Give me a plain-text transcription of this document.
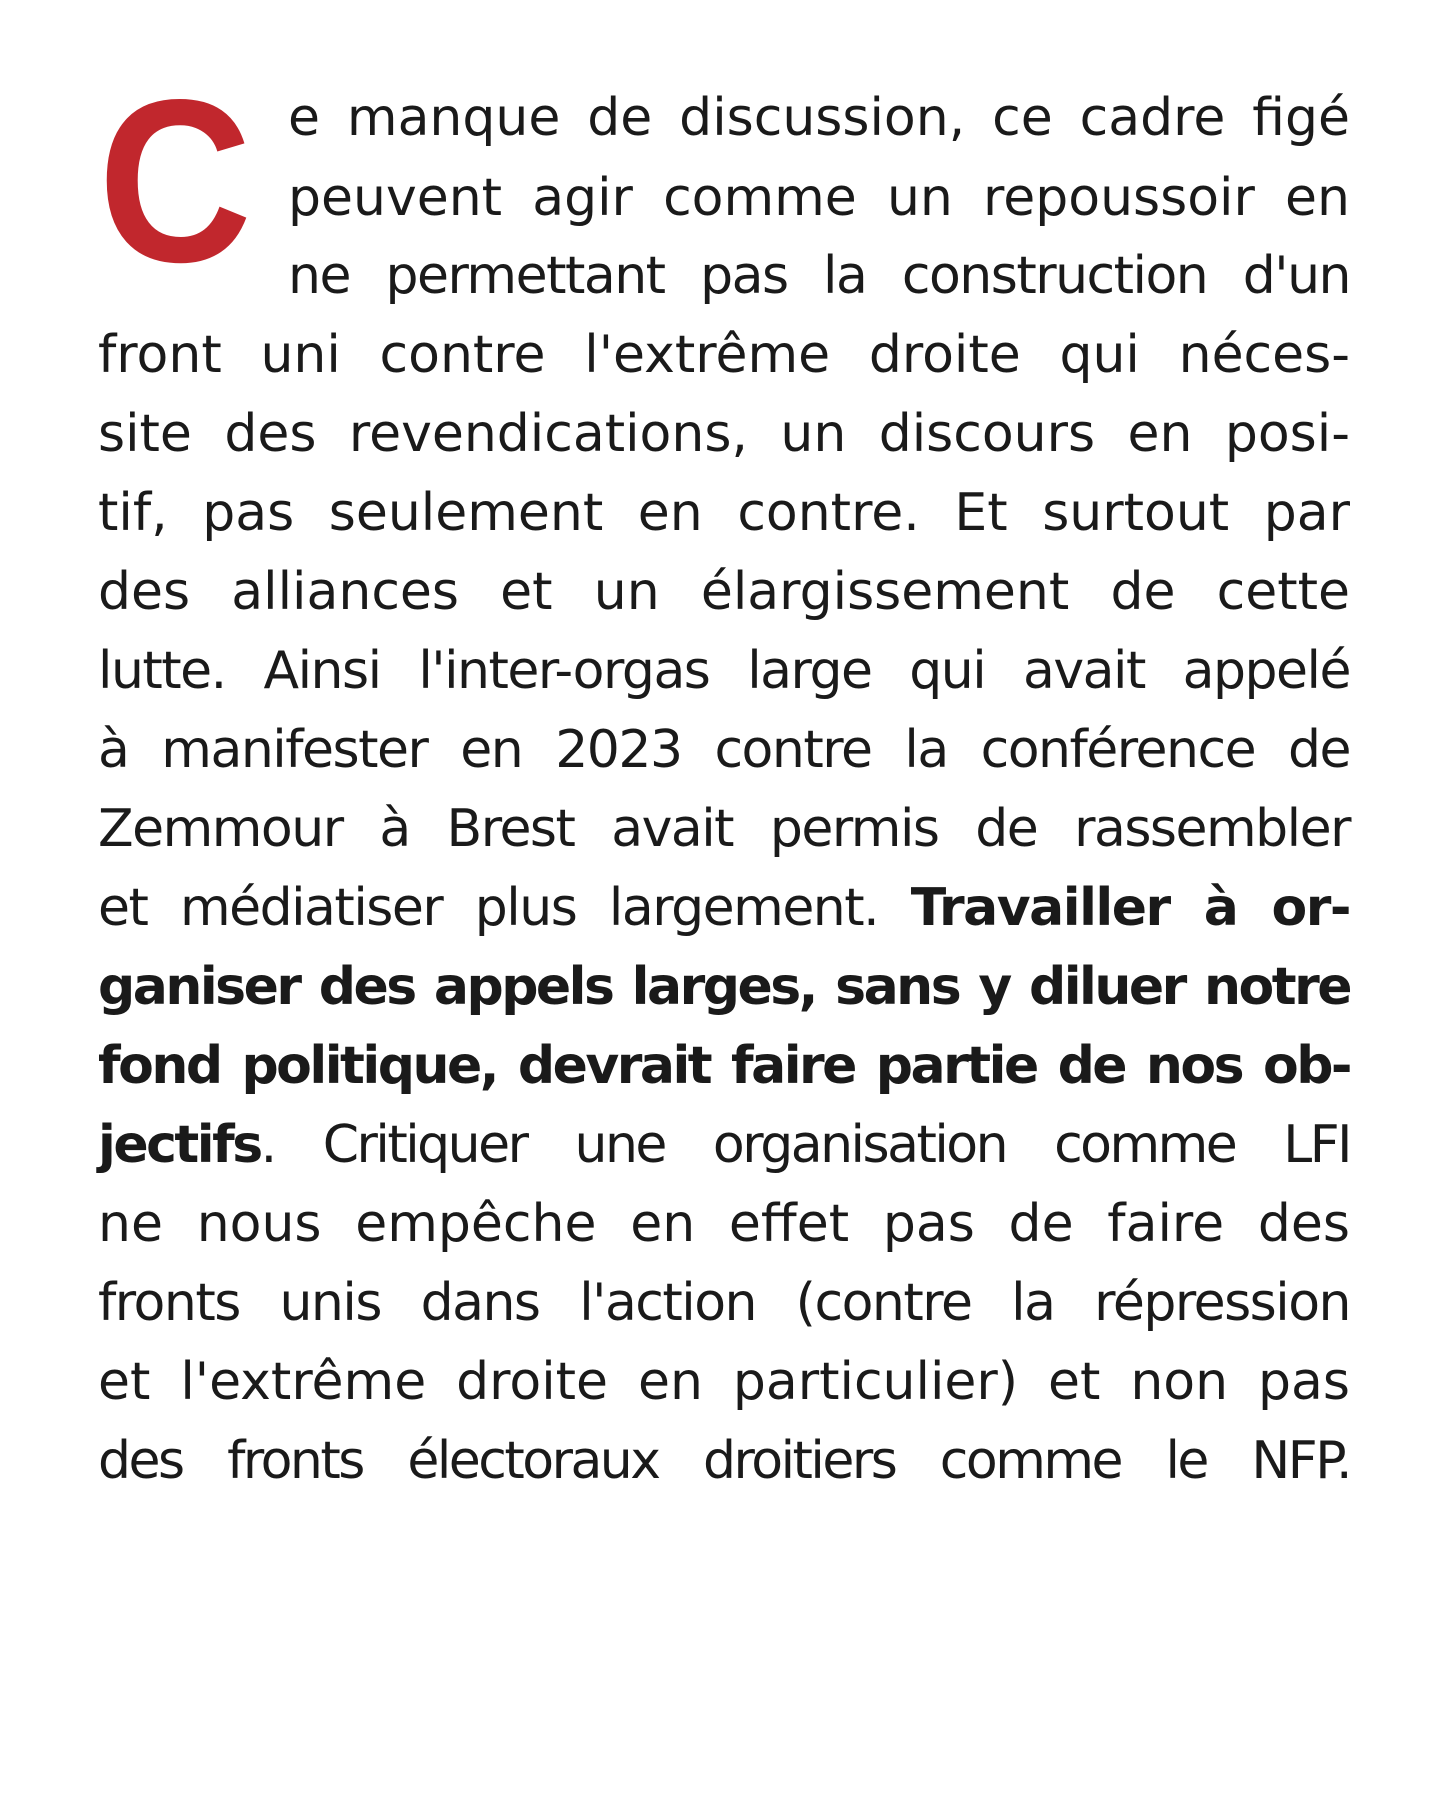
C e manque de discussion, ce cadre figé
peuvent agir comme un repoussoir en
ne permettant pas la construction d'un
front uni contre l'extrême droite qui néces-
site des revendications, un discours en posi-
tif, pas seulement en contre. Et surtout par
des alliances et un élargissement de cette
lutte. Ainsi l'inter-orgas large qui avait appelé
à manifester en 2023 contre la conférence de
Zemmour à Brest avait permis de rassembler
et médiatiser plus largement. Travailler à or-
ganiser des appels larges, sans y diluer notre
fond politique, devrait faire partie de nos ob-
jectifs. Critiquer une organisation comme LFI
ne nous empêche en effet pas de faire des
fronts unis dans l'action (contre la répression
et l'extrême droite en particulier) et non pas
des fronts électoraux droitiers comme le NFP.
